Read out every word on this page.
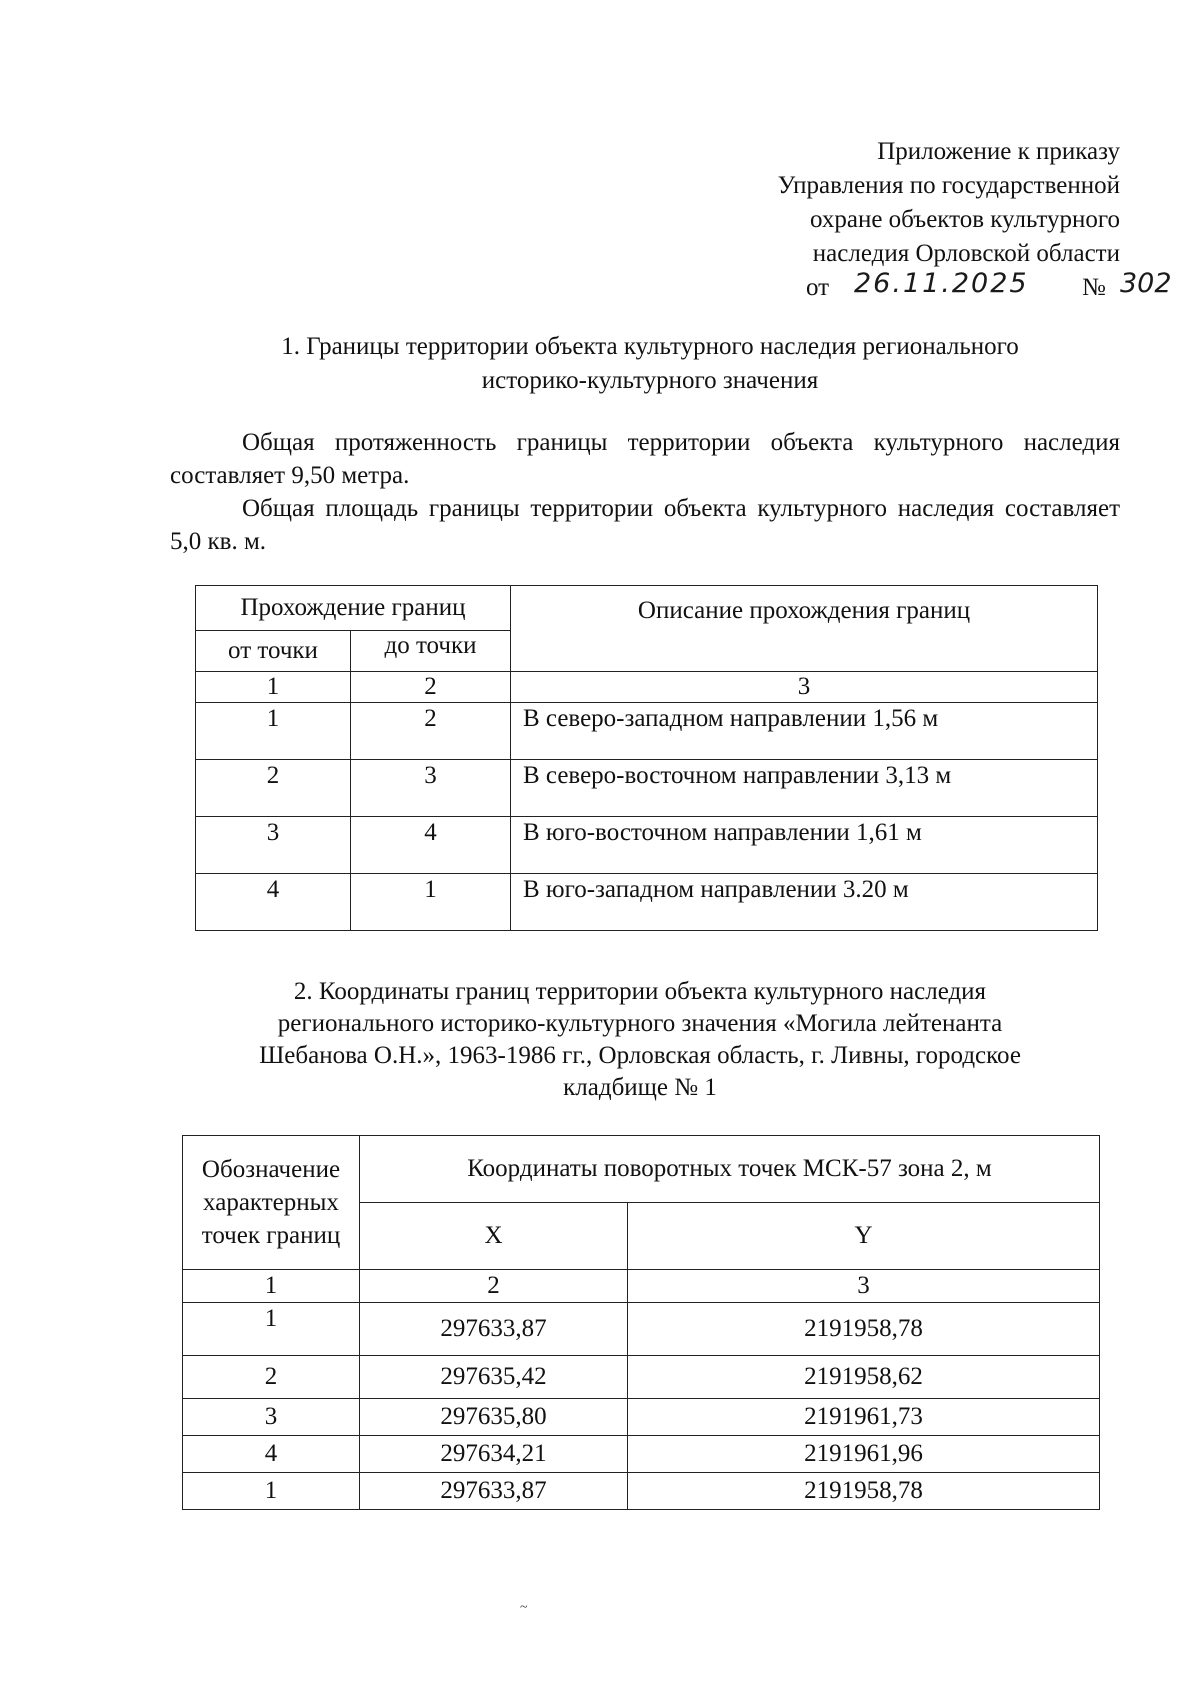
Приложение к приказу
Управления по государственной
охране объектов культурного
наследия Орловской области
от 26.11.2025 № 302
1. Границы территории объекта культурного наследия регионального
историко-культурного значения
Общая протяженность границы территории объекта культурного наследия составляет 9,50 метра.
Общая площадь границы территории объекта культурного наследия составляет 5,0 кв. м.
Прохождение границ		Описание прохождения границ
от точки	до точки	
1	2	3
1	2	В северо-западном направлении 1,56 м
2	3	В северо-восточном направлении 3,13 м
3	4	В юго-восточном направлении 1,61 м
4	1	В юго-западном направлении 3.20 м
2. Координаты границ территории объекта культурного наследия
регионального историко-культурного значения «Могила лейтенанта
Шебанова О.Н.», 1963-1986 гг., Орловская область, г. Ливны, городское
кладбище № 1
Обозначение характерных точек границ	Координаты поворотных точек МСК-57 зона 2, м	
	X	Y
1	2	3
1	297633,87	2191958,78
2	297635,42	2191958,62
3	297635,80	2191961,73
4	297634,21	2191961,96
1	297633,87	2191958,78
~
